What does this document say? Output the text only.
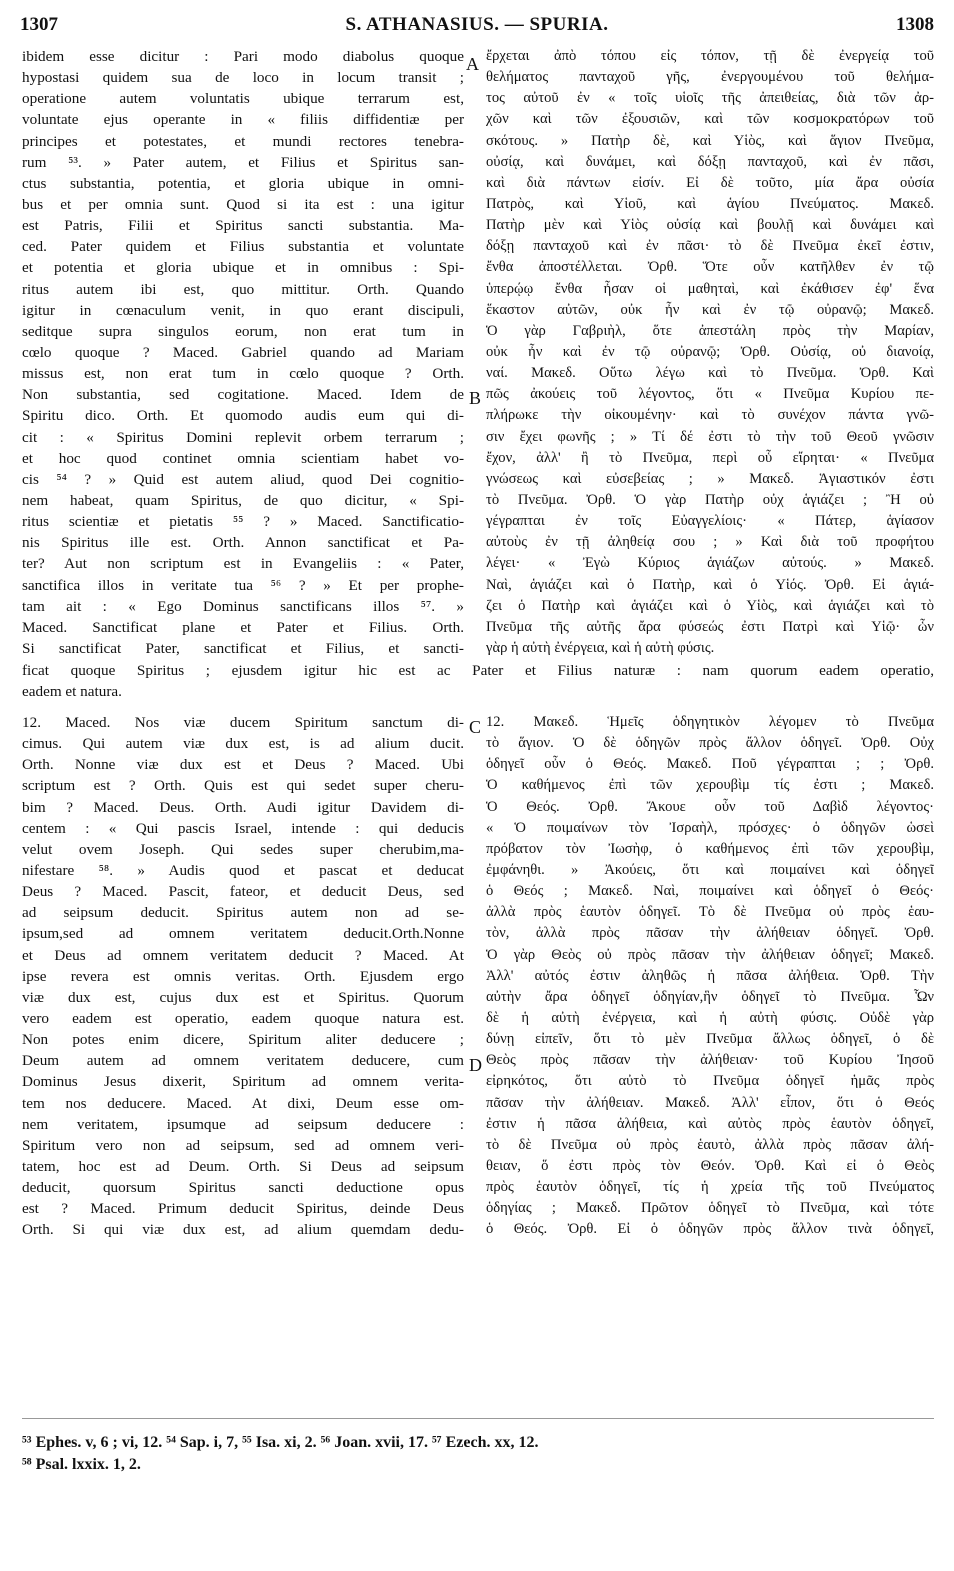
1307	S. ATHANASIUS. — SPURIA.	1308
ibidem esse dicitur : Pari modo diabolus quoque
hypostasi quidem sua de loco in locum transit ;
operatione autem voluntatis ubique terrarum est,
voluntate ejus operante in « filiis diffidentiæ per
principes et potestates, et mundi rectores tenebra-
rum ⁵³. » Pater autem, et Filius et Spiritus san-
ctus substantia, potentia, et gloria ubique in omni-
bus et per omnia sunt. Quod si ita est : una igitur
est Patris, Filii et Spiritus sancti substantia. Ma-
ced. Pater quidem et Filius substantia et voluntate
et potentia et gloria ubique et in omnibus : Spi-
ritus autem ibi est, quo mittitur. Orth. Quando
igitur in cœnaculum venit, in quo erant discipuli,
seditque supra singulos eorum, non erat tum in
cœlo quoque ? Maced. Gabriel quando ad Mariam
missus est, non erat tum in cœlo quoque ? Orth.
Non substantia, sed cogitatione. Maced. Idem de
Spiritu dico. Orth. Et quomodo audis eum qui di-
cit : « Spiritus Domini replevit orbem terrarum ;
et hoc quod continet omnia scientiam habet vo-
cis ⁵⁴ ? » Quid est autem aliud, quod Dei cognitio-
nem habeat, quam Spiritus, de quo dicitur, « Spi-
ritus scientiæ et pietatis ⁵⁵ ? » Maced. Sanctificatio-
nis Spiritus ille est. Orth. Annon sanctificat et Pa-
ter? Aut non scriptum est in Evangeliis : « Pater,
sanctifica illos in veritate tua ⁵⁶ ? » Et per prophe-
tam ait : « Ego Dominus sanctificans illos ⁵⁷. »
Maced. Sanctificat plane et Pater et Filius. Orth.
Si sanctificat Pater, sanctificat et Filius, et sancti-
ἔρχεται ἀπὸ τόπου εἰς τόπον, τῇ δὲ ἐνεργείᾳ τοῦ
θελήματος πανταχοῦ γῆς, ἐνεργουμένου τοῦ θελήμα-
τος αὐτοῦ ἐν « τοῖς υἱοῖς τῆς ἀπειθείας, διὰ τῶν ἀρ-
χῶν καὶ τῶν ἐξουσιῶν, καὶ τῶν κοσμοκρατόρων τοῦ
σκότους. » Πατὴρ δὲ, καὶ Υἱὸς, καὶ ἅγιον Πνεῦμα,
οὐσίᾳ, καὶ δυνάμει, καὶ δόξῃ πανταχοῦ, καὶ ἐν πᾶσι,
καὶ διὰ πάντων εἰσίν. Εἰ δὲ τοῦτο, μία ἄρα οὐσία
Πατρὸς, καὶ Υἱοῦ, καὶ ἁγίου Πνεύματος. Μακεδ.
Πατὴρ μὲν καὶ Υἱὸς οὐσίᾳ καὶ βουλῇ καὶ δυνάμει καὶ
δόξῃ πανταχοῦ καὶ ἐν πᾶσι· τὸ δὲ Πνεῦμα ἐκεῖ ἐστιν,
ἔνθα ἀποστέλλεται. Ὀρθ. Ὅτε οὖν κατῆλθεν ἐν τῷ
ὑπερῴῳ ἔνθα ἦσαν οἱ μαθηταὶ, καὶ ἐκάθισεν ἐφ' ἕνα
ἕκαστον αὐτῶν, οὐκ ἦν καὶ ἐν τῷ οὐρανῷ; Μακεδ.
Ὁ γὰρ Γαβριὴλ, ὅτε ἀπεστάλη πρὸς τὴν Μαρίαν,
οὐκ ἦν καὶ ἐν τῷ οὐρανῷ; Ὀρθ. Οὐσίᾳ, οὐ διανοίᾳ,
ναί. Μακεδ. Οὕτω λέγω καὶ τὸ Πνεῦμα. Ὀρθ. Καὶ
πῶς ἀκούεις τοῦ λέγοντος, ὅτι « Πνεῦμα Κυρίου πε-
πλήρωκε τὴν οἰκουμένην· καὶ τὸ συνέχον πάντα γνῶ-
σιν ἔχει φωνῆς ; » Τί δέ ἐστι τὸ τὴν τοῦ Θεοῦ γνῶσιν
ἔχον, ἀλλ' ἢ τὸ Πνεῦμα, περὶ οὗ εἴρηται· « Πνεῦμα
γνώσεως καὶ εὐσεβείας ; » Μακεδ. Ἁγιαστικόν ἐστι
τὸ Πνεῦμα. Ὀρθ. Ὁ γὰρ Πατὴρ οὐχ ἁγιάζει ; Ἢ οὐ
γέγραπται ἐν τοῖς Εὐαγγελίοις· « Πάτερ, ἁγίασον
αὐτοὺς ἐν τῇ ἀληθείᾳ σου ; » Καὶ διὰ τοῦ προφήτου
λέγει· « Ἐγὼ Κύριος ἁγιάζων αὐτούς. » Μακεδ.
Ναὶ, ἁγιάζει καὶ ὁ Πατὴρ, καὶ ὁ Υἱός. Ὀρθ. Εἰ ἁγιά-
ζει ὁ Πατὴρ καὶ ἁγιάζει καὶ ὁ Υἱὸς, καὶ ἁγιάζει καὶ τὸ
Πνεῦμα τῆς αὐτῆς ἄρα φύσεώς ἐστι Πατρὶ καὶ Υἱῷ· ὧν
γὰρ ἡ αὐτὴ ἐνέργεια, καὶ ἡ αὐτὴ φύσις.
ficat quoque Spiritus ; ejusdem igitur hic est ac Pater et Filius naturæ : nam quorum eadem operatio,
eadem et natura.
12. Maced. Nos viæ ducem Spiritum sanctum di-
cimus. Qui autem viæ dux est, is ad alium ducit.
Orth. Nonne viæ dux est et Deus ? Maced. Ubi
scriptum est ? Orth. Quis est qui sedet super cheru-
bim ? Maced. Deus. Orth. Audi igitur Davidem di-
centem : « Qui pascis Israel, intende : qui deducis
velut ovem Joseph. Qui sedes super cherubim,ma-
nifestare ⁵⁸. » Audis quod et pascat et deducat
Deus ? Maced. Pascit, fateor, et deducit Deus, sed
ad seipsum deducit. Spiritus autem non ad se-
ipsum,sed ad omnem veritatem deducit.Orth.Nonne
et Deus ad omnem veritatem deducit ? Maced. At
ipse revera est omnis veritas. Orth. Ejusdem ergo
viæ dux est, cujus dux est et Spiritus. Quorum
vero eadem est operatio, eadem quoque natura est.
Non potes enim dicere, Spiritum aliter deducere ;
Deum autem ad omnem veritatem deducere, cum
Dominus Jesus dixerit, Spiritum ad omnem verita-
tem nos deducere. Maced. At dixi, Deum esse om-
nem veritatem, ipsumque ad seipsum deducere :
Spiritum vero non ad seipsum, sed ad omnem veri-
tatem, hoc est ad Deum. Orth. Si Deus ad seipsum
deducit, quorsum Spiritus sancti deductione opus
est ? Maced. Primum deducit Spiritus, deinde Deus
Orth. Si qui viæ dux est, ad alium quemdam dedu-
12. Μακεδ. Ἡμεῖς ὁδηγητικὸν λέγομεν τὸ Πνεῦμα
τὸ ἅγιον. Ὁ δὲ ὁδηγῶν πρὸς ἄλλον ὁδηγεῖ. Ὀρθ. Οὐχ
ὁδηγεῖ οὖν ὁ Θεός. Μακεδ. Ποῦ γέγραπται ; ; Ὀρθ.
Ὁ καθήμενος ἐπὶ τῶν χερουβὶμ τίς ἐστι ; Μακεδ.
Ὁ Θεός. Ὀρθ. Ἄκουε οὖν τοῦ Δαβὶδ λέγοντος·
« Ὁ ποιμαίνων τὸν Ἰσραὴλ, πρόσχες· ὁ ὁδηγῶν ὡσεὶ
πρόβατον τὸν Ἰωσὴφ, ὁ καθήμενος ἐπὶ τῶν χερουβὶμ,
ἐμφάνηθι. » Ἀκούεις, ὅτι καὶ ποιμαίνει καὶ ὁδηγεῖ
ὁ Θεός ; Μακεδ. Ναὶ, ποιμαίνει καὶ ὁδηγεῖ ὁ Θεός·
ἀλλὰ πρὸς ἑαυτὸν ὁδηγεῖ. Τὸ δὲ Πνεῦμα οὐ πρὸς ἑαυ-
τὸν, ἀλλὰ πρὸς πᾶσαν τὴν ἀλήθειαν ὁδηγεῖ. Ὀρθ.
Ὁ γὰρ Θεὸς οὐ πρὸς πᾶσαν τὴν ἀλήθειαν ὁδηγεῖ; Μακεδ.
Ἀλλ' αὐτός ἐστιν ἀληθῶς ἡ πᾶσα ἀλήθεια. Ὀρθ. Τὴν
αὐτὴν ἄρα ὁδηγεῖ ὁδηγίαν,ἣν ὁδηγεῖ τὸ Πνεῦμα. Ὧν
δὲ ἡ αὐτὴ ἐνέργεια, καὶ ἡ αὐτὴ φύσις. Οὐδὲ γὰρ
δύνῃ εἰπεῖν, ὅτι τὸ μὲν Πνεῦμα ἄλλως ὁδηγεῖ, ὁ δὲ
Θεὸς πρὸς πᾶσαν τὴν ἀλήθειαν· τοῦ Κυρίου Ἰησοῦ
εἰρηκότος, ὅτι αὐτὸ τὸ Πνεῦμα ὁδηγεῖ ἡμᾶς πρὸς
πᾶσαν τὴν ἀλήθειαν. Μακεδ. Ἀλλ' εἶπον, ὅτι ὁ Θεός
ἐστιν ἡ πᾶσα ἀλήθεια, καὶ αὐτὸς πρὸς ἑαυτὸν ὁδηγεῖ,
τὸ δὲ Πνεῦμα οὐ πρὸς ἑαυτὸ, ἀλλὰ πρὸς πᾶσαν ἀλή-
θειαν, ὅ ἐστι πρὸς τὸν Θεόν. Ὀρθ. Καὶ εἰ ὁ Θεὸς
πρὸς ἑαυτὸν ὁδηγεῖ, τίς ἡ χρεία τῆς τοῦ Πνεύματος
ὁδηγίας ; Μακεδ. Πρῶτον ὁδηγεῖ τὸ Πνεῦμα, καὶ τότε
ὁ Θεός. Ὀρθ. Εἰ ὁ ὁδηγῶν πρὸς ἄλλον τινὰ ὁδηγεῖ,
A
B
C
D
⁵³ Ephes. v, 6 ; vi, 12. ⁵⁴ Sap. i, 7, ⁵⁵ Isa. xi, 2. ⁵⁶ Joan. xvii, 17. ⁵⁷ Ezech. xx, 12.
⁵⁸ Psal. lxxix. 1, 2.
